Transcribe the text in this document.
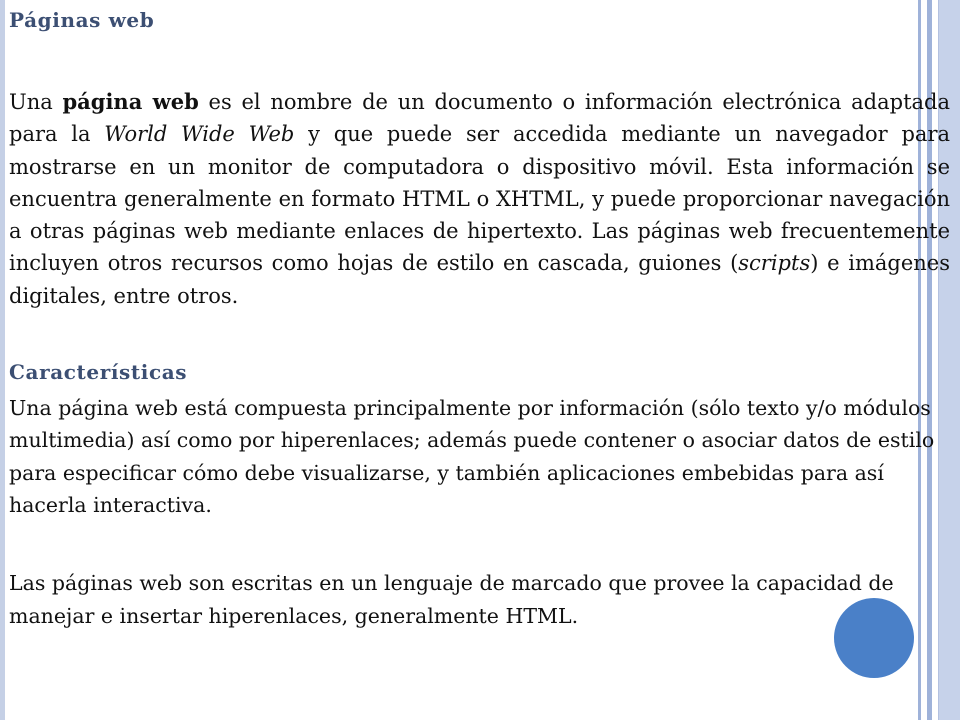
Páginas web

Una página web es el nombre de un documento o información electrónica adaptada para la World Wide Web y que puede ser accedida mediante un navegador para mostrarse en un monitor de computadora o dispositivo móvil. Esta información se encuentra generalmente en formato HTML o XHTML, y puede proporcionar navegación a otras páginas web mediante enlaces de hipertexto. Las páginas web frecuentemente incluyen otros recursos como hojas de estilo en cascada, guiones (scripts) e imágenes digitales, entre otros.

Características

Una página web está compuesta principalmente por información (sólo texto y/o módulos multimedia) así como por hiperenlaces; además puede contener o asociar datos de estilo para especificar cómo debe visualizarse, y también aplicaciones embebidas para así hacerla interactiva.

Las páginas web son escritas en un lenguaje de marcado que provee la capacidad de manejar e insertar hiperenlaces, generalmente HTML.
